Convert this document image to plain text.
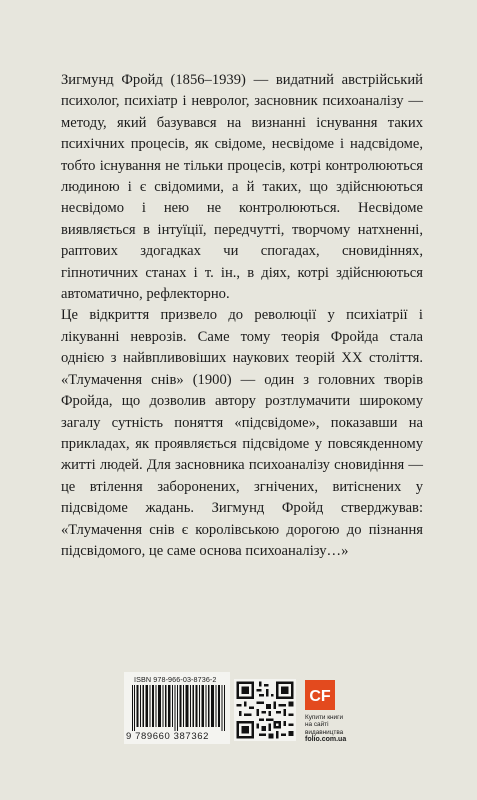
Зигмунд Фройд (1856–1939) — видатний австрійський психолог, психіатр і невролог, засновник психоаналізу — методу, який базувався на визнанні існування таких психічних процесів, як свідоме, несвідоме і надсвідоме, тобто існування не тільки процесів, котрі контролюються людиною і є свідомими, а й таких, що здійснюються несвідомо і нею не контролюються. Несвідоме виявляється в інтуїції, передчутті, творчому натхненні, раптових здогадках чи спогадах, сновидіннях, гіпнотичних станах і т. ін., в діях, котрі здійснюються автоматично, рефлекторно.

Це відкриття призвело до революції у психіатрії і лікуванні неврозів. Саме тому теорія Фройда стала однією з найвпливовіших наукових теорій ХХ століття. «Тлумачення снів» (1900) — один з головних творів Фройда, що дозволив автору розтлумачити широкому загалу сутність поняття «підсвідоме», показавши на прикладах, як проявляється підсвідоме у повсякденному житті людей. Для засновника психоаналізу сновидіння — це втілення заборонених, згнічених, витіснених у підсвідоме жадань. Зигмунд Фройд стверджував: «Тлумачення снів є королівською дорогою до пізнання підсвідомого, це саме основа психоаналізу…»

ISBN 978-966-03-8736-2
9 789660 387362
CF
Купити книги
на сайті
видавництва
folio.com.ua
